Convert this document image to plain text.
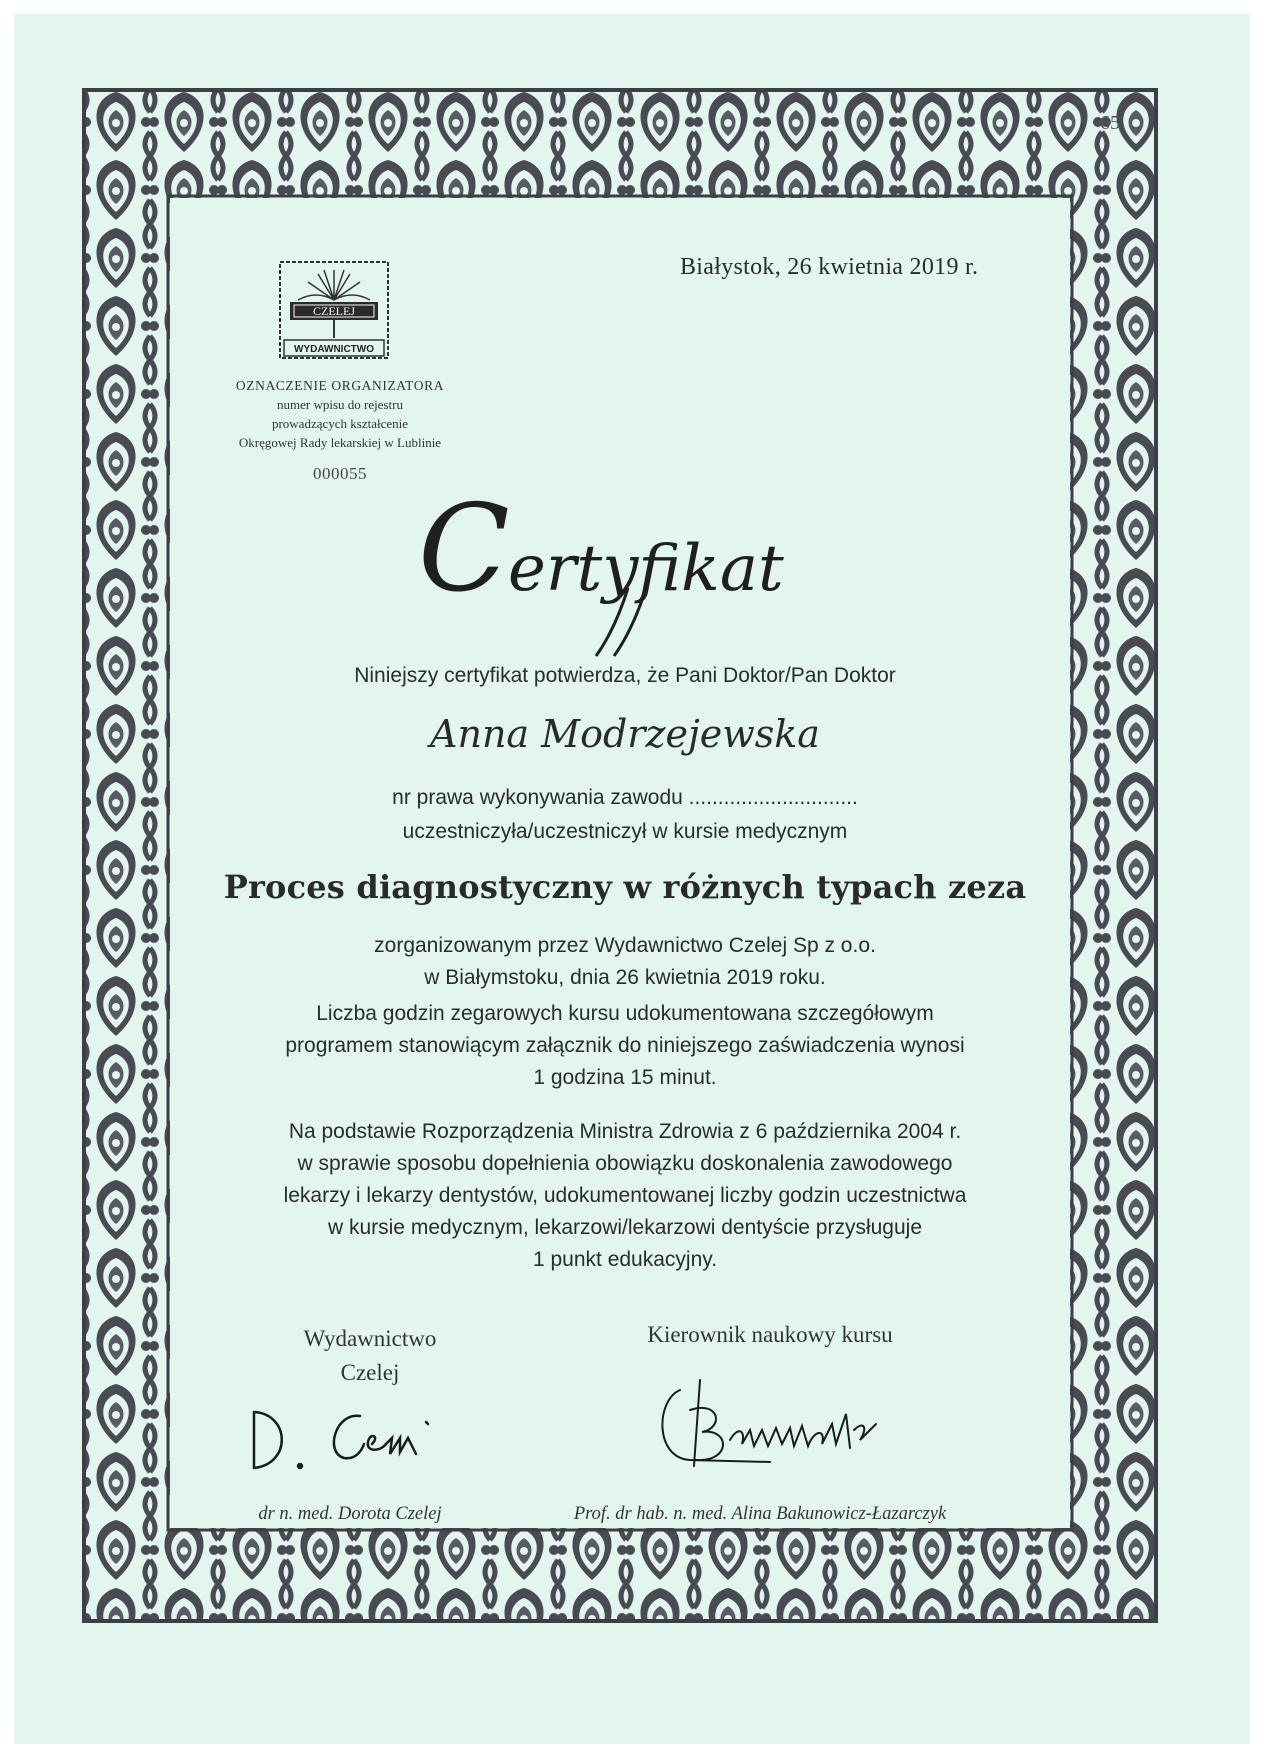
65
Białystok, 26 kwietnia 2019 r.
CZELEJ
WYDAWNICTWO
OZNACZENIE ORGANIZATORA
numer wpisu do rejestru
prowadzących kształcenie
Okręgowej Rady lekarskiej w Lublinie
000055
C
ertyfikat
Niniejszy certyfikat potwierdza, że Pani Doktor/Pan Doktor
Anna Modrzejewska
nr prawa wykonywania zawodu .............................
uczestniczyła/uczestniczył w kursie medycznym
Proces diagnostyczny w różnych typach zeza
zorganizowanym przez Wydawnictwo Czelej Sp z o.o.
w Białymstoku, dnia 26 kwietnia 2019 roku.
Liczba godzin zegarowych kursu udokumentowana szczegółowym
programem stanowiącym załącznik do niniejszego zaświadczenia wynosi
1 godzina 15 minut.
Na podstawie Rozporządzenia Ministra Zdrowia z 6 października 2004 r.
w sprawie sposobu dopełnienia obowiązku doskonalenia zawodowego
lekarzy i lekarzy dentystów, udokumentowanej liczby godzin uczestnictwa
w kursie medycznym, lekarzowi/lekarzowi dentyście przysługuje
1 punkt edukacyjny.
Wydawnictwo
Czelej
Kierownik naukowy kursu
dr n. med. Dorota Czelej	Prof. dr hab. n. med. Alina Bakunowicz-Łazarczyk
